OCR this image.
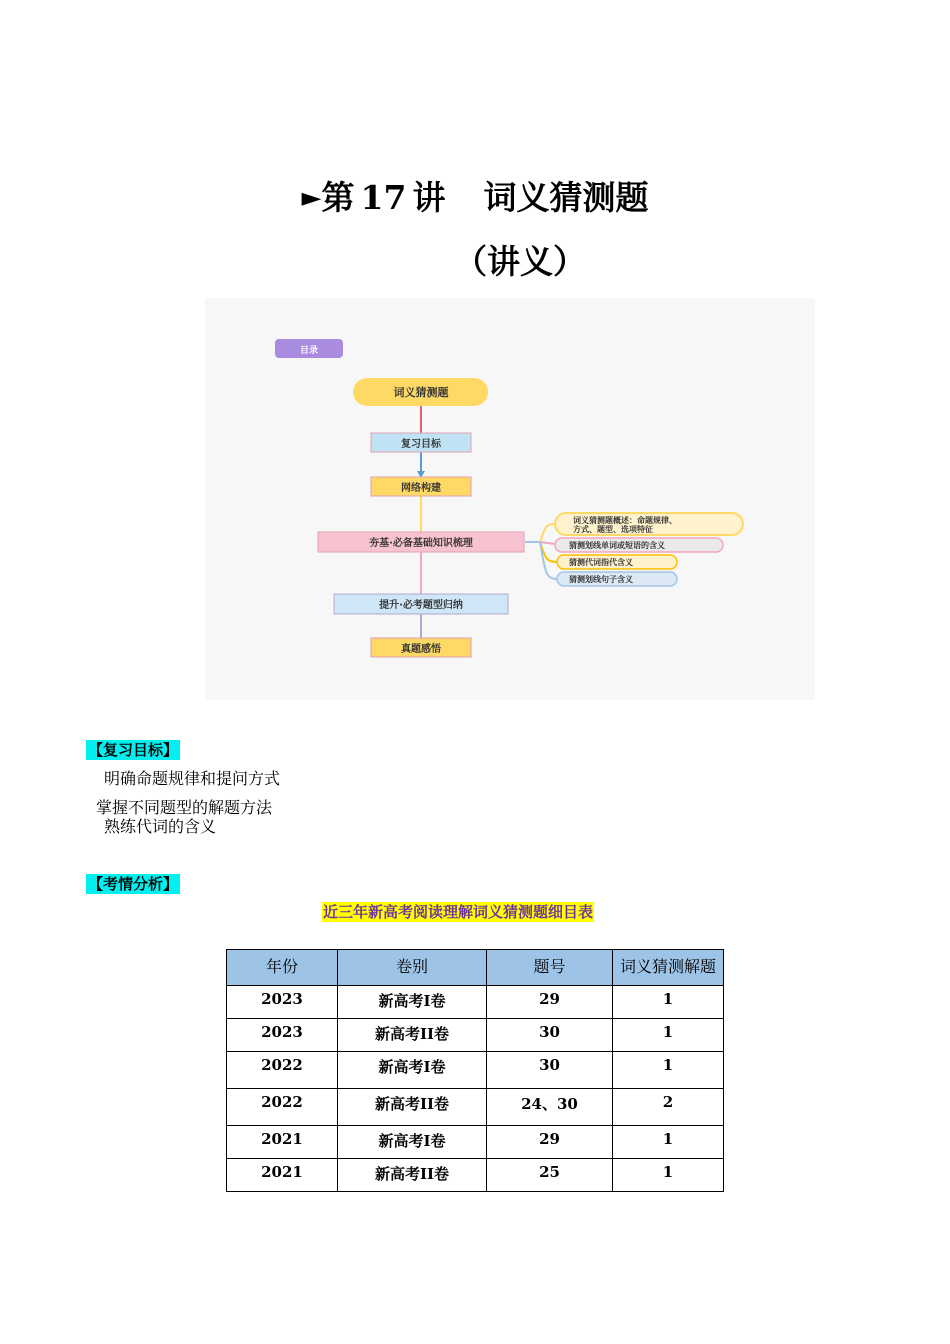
►第 17 讲 词义猜测题
（讲义）
目录
词义猜测题
复习目标
网络构建
夯基·必备基础知识梳理
提升·必考题型归纳
真题感悟
词义猜测题概述：命题规律、
方式、题型、选项特征
猜测划线单词或短语的含义
猜测代词指代含义
猜测划线句子含义
【复习目标】
明确命题规律和提问方式
掌握不同题型的解题方法
熟练代词的含义
【考情分析】
近三年新高考阅读理解词义猜测题细目表
年份	卷别	题号	词义猜测解题
2023	新高考I卷	29	1
2023	新高考II卷	30	1
2022	新高考I卷	30	1
2022	新高考II卷	24、30	2
2021	新高考I卷	29	1
2021	新高考II卷	25	1
